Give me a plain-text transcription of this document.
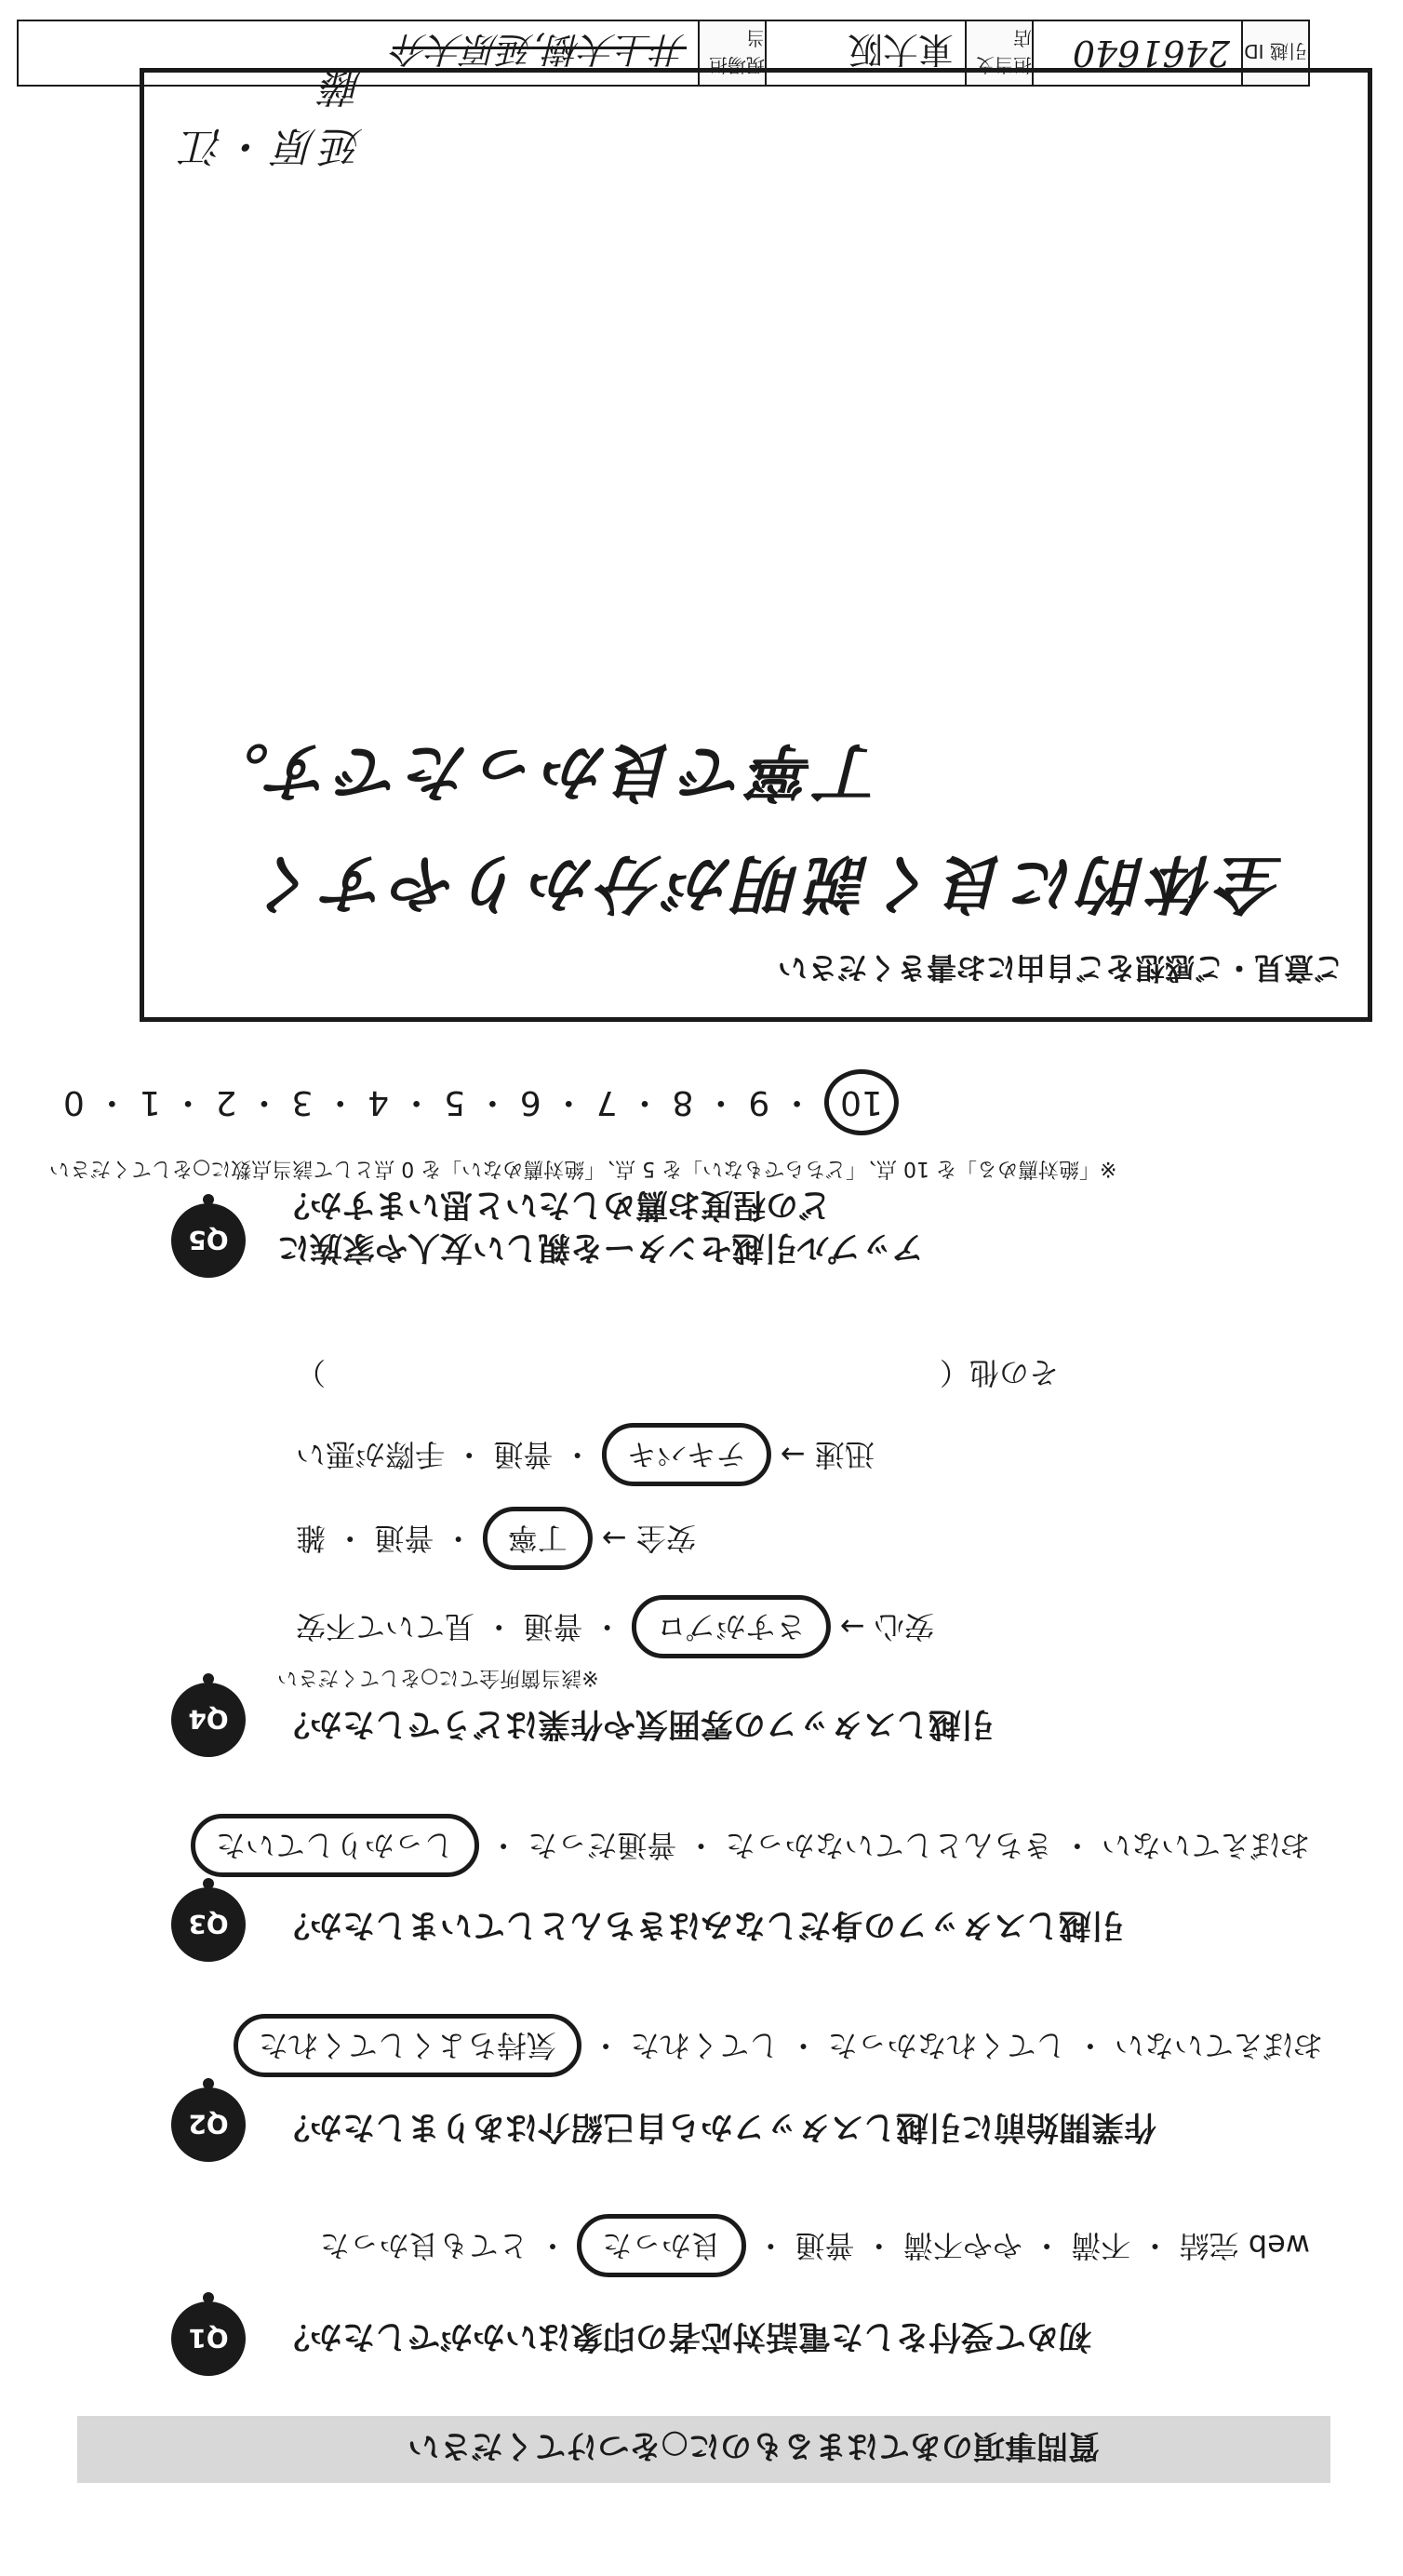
引越 ID
2461640
担当支店
東大阪
現場担当
井上大樹,延原大介
質問事項のあてはまるものに○をつけてください
Q1	初めて受付をした電話対応者の印象はいかがでしたか？
web 完結 ・ 不満 ・ やや不満 ・ 普通 ・ 良かった ・ とても良かった
Q2	作業開始前に引越しスタッフから自己紹介はありましたか？
おぼえていない ・ してくれなかった ・ してくれた ・ 気持ちよくしてくれた
Q3	引越しスタッフの身だしなみはきちんとしていましたか？
おぼえていない ・ きちんとしていなかった ・ 普通だった ・ しっかりしていた
Q4	引越しスタッフの雰囲気や作業はどうでしたか？
※該当箇所全てに○をしてください
安心 → さすがプロ ・ 普通 ・ 見ていて不安
安全 → 丁寧 ・ 普通 ・ 雑
迅速 → テキパキ ・ 普通 ・ 手際が悪い
その他（）
Q5	アップル引越センターを親しい友人や家族に
どの程度お薦めしたいと思いますか？
※「絶対薦める」を 10 点、「どちらでもない」を 5 点、「絶対薦めない」を 0 点として該当点数に○をしてください
10 ・ 9 ・ 8 ・ 7 ・ 6 ・ 5 ・ 4 ・ 3 ・ 2 ・ 1 ・ 0
ご意見・ご感想をご自由にお書きください
全体的に良く説明が分かりやすく
丁寧で良かったです。
延原・江藤
